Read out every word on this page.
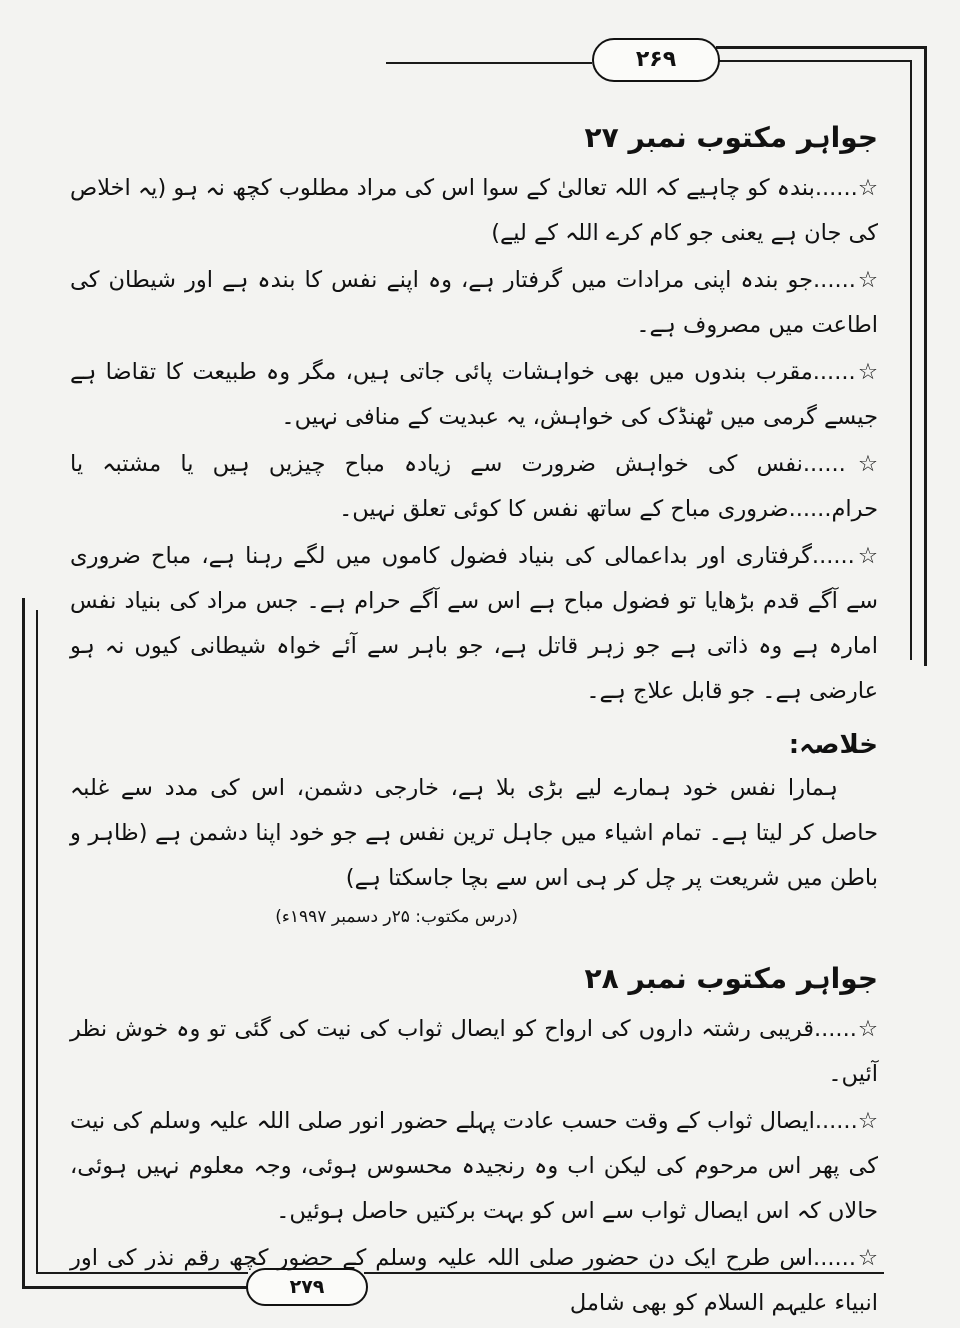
۲۶۹
۲۷۹
جواہر مکتوب نمبر ۲۷

☆......بندہ کو چاہیے کہ اللہ تعالیٰ کے سوا اس کی مراد مطلوب کچھ نہ ہو (یہ اخلاص کی جان ہے یعنی جو کام کرے اللہ کے لیے)

☆......جو بندہ اپنی مرادات میں گرفتار ہے، وہ اپنے نفس کا بندہ ہے اور شیطان کی اطاعت میں مصروف ہے۔

☆......مقرب بندوں میں بھی خواہشات پائی جاتی ہیں، مگر وہ طبیعت کا تقاضا ہے جیسے گرمی میں ٹھنڈک کی خواہش، یہ عبدیت کے منافی نہیں۔

☆......نفس کی خواہش ضرورت سے زیادہ مباح چیزیں ہیں یا مشتبہ یا حرام......ضروری مباح کے ساتھ نفس کا کوئی تعلق نہیں۔

☆......گرفتاری اور بداعمالی کی بنیاد فضول کاموں میں لگے رہنا ہے، مباح ضروری سے آگے قدم بڑھایا تو فضول مباح ہے اس سے آگے حرام ہے۔ جس مراد کی بنیاد نفس امارہ ہے وہ ذاتی ہے جو زہر قاتل ہے، جو باہر سے آئے خواہ شیطانی کیوں نہ ہو عارضی ہے۔ جو قابل علاج ہے۔

خلاصہ:

ہمارا نفس خود ہمارے لیے بڑی بلا ہے، خارجی دشمن، اس کی مدد سے غلبہ حاصل کر لیتا ہے۔ تمام اشیاء میں جاہل ترین نفس ہے جو خود اپنا دشمن ہے (ظاہر و باطن میں شریعت پر چل کر ہی اس سے بچا جاسکتا ہے)

(درس مکتوب: ۲۵ر دسمبر ۱۹۹۷ء)

جواہر مکتوب نمبر ۲۸

☆......قریبی رشتہ داروں کی ارواح کو ایصال ثواب کی نیت کی گئی تو وہ خوش نظر آئیں۔

☆......ایصال ثواب کے وقت حسب عادت پہلے حضور انور صلی اللہ علیہ وسلم کی نیت کی پھر اس مرحوم کی لیکن اب وہ رنجیدہ محسوس ہوئی، وجہ معلوم نہیں ہوئی، حالاں کہ اس ایصال ثواب سے اس کو بہت برکتیں حاصل ہوئیں۔

☆......اس طرح ایک دن حضور صلی اللہ علیہ وسلم کے حضور کچھ رقم نذر کی اور انبیاء علیہم السلام کو بھی شامل
